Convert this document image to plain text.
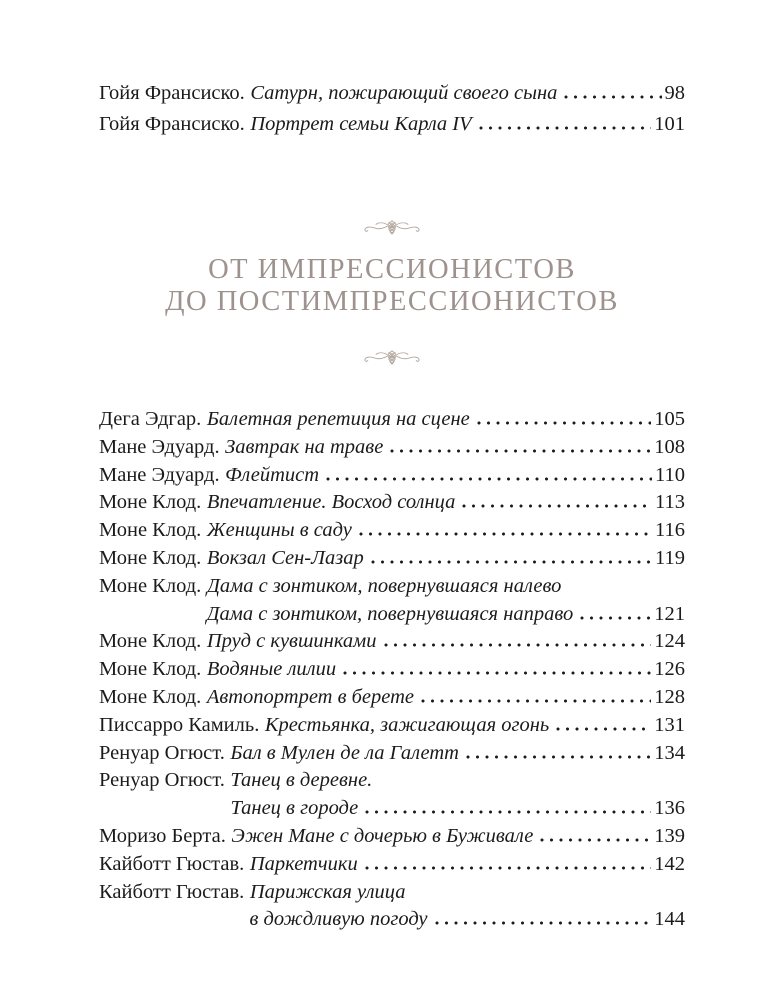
Гойя Франсиско. Сатурн, пожирающий своего сына	98
Гойя Франсиско. Портрет семьи Карла IV	101
ОТ ИМПРЕССИОНИСТОВ
ДО ПОСТИМПРЕССИОНИСТОВ
Дега Эдгар. Балетная репетиция на сцене	105
Мане Эдуард. Завтрак на траве	108
Мане Эдуард. Флейтист	110
Моне Клод. Впечатление. Восход солнца	113
Моне Клод. Женщины в саду	116
Моне Клод. Вокзал Сен-Лазар	119
Моне Клод. Дама с зонтиком, повернувшаяся налево
Дама с зонтиком, повернувшаяся направо	121
Моне Клод. Пруд с кувшинками	124
Моне Клод. Водяные лилии	126
Моне Клод. Автопортрет в берете	128
Писсарро Камиль. Крестьянка, зажигающая огонь	131
Ренуар Огюст. Бал в Мулен де ла Галетт	134
Ренуар Огюст. Танец в деревне.
Танец в городе	136
Моризо Берта. Эжен Мане с дочерью в Буживале	139
Кайботт Гюстав. Паркетчики	142
Кайботт Гюстав. Парижская улица
в дождливую погоду	144
